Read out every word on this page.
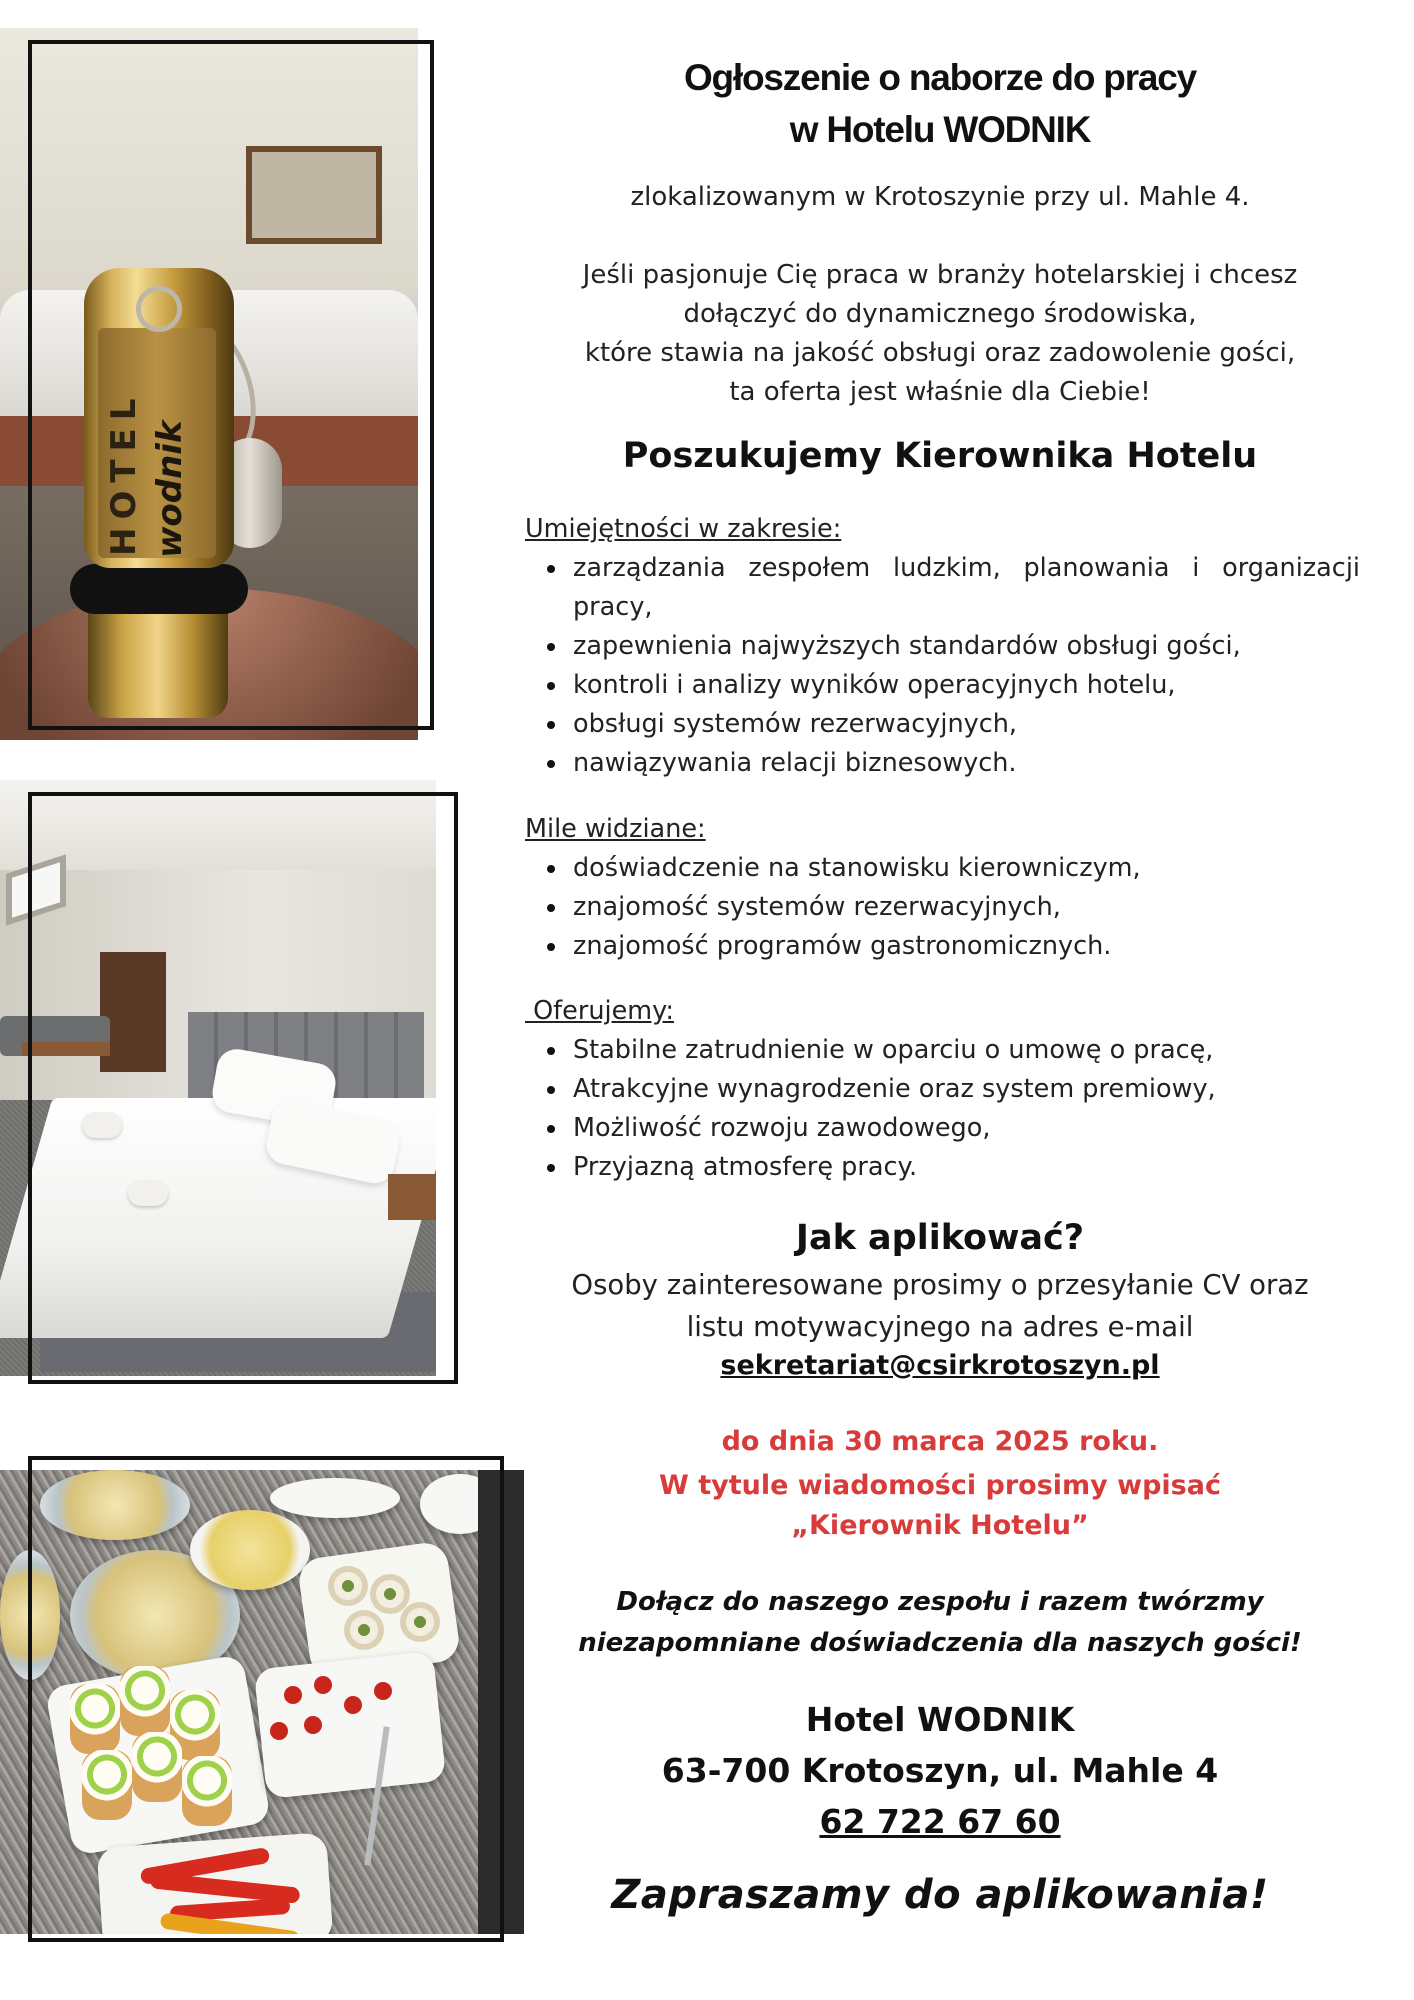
HOTEL wodnik
Ogłoszenie o naborze do pracy
w Hotelu WODNIK
zlokalizowanym w Krotoszynie przy ul. Mahle 4.
Jeśli pasjonuje Cię praca w branży hotelarskiej i chcesz
dołączyć do dynamicznego środowiska,
które stawia na jakość obsługi oraz zadowolenie gości,
ta oferta jest właśnie dla Ciebie!
Poszukujemy Kierownika Hotelu
Umiejętności w zakresie:
zarządzania zespołem ludzkim, planowania i organizacji pracy,
zapewnienia najwyższych standardów obsługi gości,
kontroli i analizy wyników operacyjnych hotelu,
obsługi systemów rezerwacyjnych,
nawiązywania relacji biznesowych.
Mile widziane:
doświadczenie na stanowisku kierowniczym,
znajomość systemów rezerwacyjnych,
znajomość programów gastronomicznych.
Oferujemy:
Stabilne zatrudnienie w oparciu o umowę o pracę,
Atrakcyjne wynagrodzenie oraz system premiowy,
Możliwość rozwoju zawodowego,
Przyjazną atmosferę pracy.
Jak aplikować?
Osoby zainteresowane prosimy o przesyłanie CV oraz
listu motywacyjnego na adres e-mail
sekretariat@csirkrotoszyn.pl
do dnia 30 marca 2025 roku.
W tytule wiadomości prosimy wpisać
„Kierownik Hotelu”
Dołącz do naszego zespołu i razem twórzmy
niezapomniane doświadczenia dla naszych gości!
Hotel WODNIK
63-700 Krotoszyn, ul. Mahle 4
62 722 67 60
Zapraszamy do aplikowania!
